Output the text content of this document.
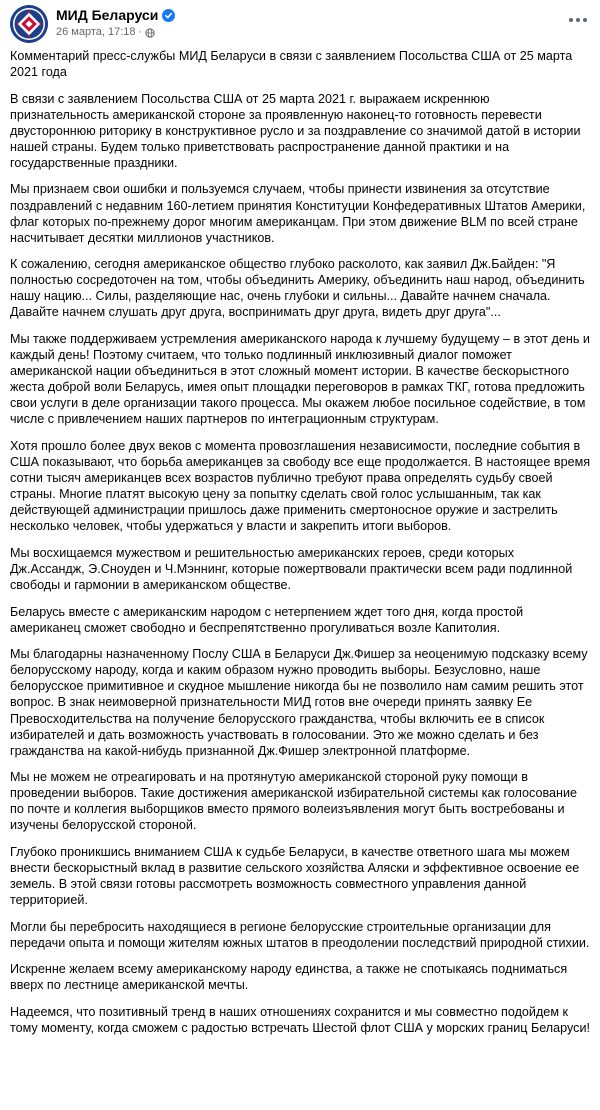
МИД Беларуси
26 марта, 17:18 ·

Комментарий пресс-службы МИД Беларуси в связи с заявлением Посольства США от 25 марта 2021 года

В связи с заявлением Посольства США от 25 марта 2021 г. выражаем искреннюю признательность американской стороне за проявленную наконец-то готовность перевести двустороннюю риторику в конструктивное русло и за поздравление со значимой датой в истории нашей страны. Будем только приветствовать распространение данной практики и на государственные праздники.

Мы признаем свои ошибки и пользуемся случаем, чтобы принести извинения за отсутствие поздравлений с недавним 160-летием принятия Конституции Конфедеративных Штатов Америки, флаг которых по-прежнему дорог многим американцам. При этом движение BLM по всей стране насчитывает десятки миллионов участников.

К сожалению, сегодня американское общество глубоко расколото, как заявил Дж.Байден: "Я полностью сосредоточен на том, чтобы объединить Америку, объединить наш народ, объединить нашу нацию... Силы, разделяющие нас, очень глубоки и сильны... Давайте начнем сначала. Давайте начнем слушать друг друга, воспринимать друг друга, видеть друг друга"...

Мы также поддерживаем устремления американского народа к лучшему будущему – в этот день и каждый день! Поэтому считаем, что только подлинный инклюзивный диалог поможет американской нации объединиться в этот сложный момент истории. В качестве бескорыстного жеста доброй воли Беларусь, имея опыт площадки переговоров в рамках ТКГ, готова предложить свои услуги в деле организации такого процесса. Мы окажем любое посильное содействие, в том числе с привлечением наших партнеров по интеграционным структурам.

Хотя прошло более двух веков с момента провозглашения независимости, последние события в США показывают, что борьба американцев за свободу все еще продолжается. В настоящее время сотни тысяч американцев всех возрастов публично требуют права определять судьбу своей страны. Многие платят высокую цену за попытку сделать свой голос услышанным, так как действующей администрации пришлось даже применить смертоносное оружие и застрелить несколько человек, чтобы удержаться у власти и закрепить итоги выборов.

Мы восхищаемся мужеством и решительностью американских героев, среди которых Дж.Ассандж, Э.Сноуден и Ч.Мэннинг, которые пожертвовали практически всем ради подлинной свободы и гармонии в американском обществе.

Беларусь вместе с американским народом с нетерпением ждет того дня, когда простой американец сможет свободно и беспрепятственно прогуливаться возле Капитолия.

Мы благодарны назначенному Послу США в Беларуси Дж.Фишер за неоценимую подсказку всему белорусскому народу, когда и каким образом нужно проводить выборы. Безусловно, наше белорусское примитивное и скудное мышление никогда бы не позволило нам самим решить этот вопрос. В знак неимоверной признательности МИД готов вне очереди принять заявку Ее Превосходительства на получение белорусского гражданства, чтобы включить ее в список избирателей и дать возможность участвовать в голосовании. Это же можно сделать и без гражданства на какой-нибудь признанной Дж.Фишер электронной платформе.

Мы не можем не отреагировать и на протянутую американской стороной руку помощи в проведении выборов. Такие достижения американской избирательной системы как голосование по почте и коллегия выборщиков вместо прямого волеизъявления могут быть востребованы и изучены белорусской стороной.

Глубоко проникшись вниманием США к судьбе Беларуси, в качестве ответного шага мы можем внести бескорыстный вклад в развитие сельского хозяйства Аляски и эффективное освоение ее земель. В этой связи готовы рассмотреть возможность совместного управления данной территорией.

Могли бы перебросить находящиеся в регионе белорусские строительные организации для передачи опыта и помощи жителям южных штатов в преодолении последствий природной стихии.

Искренне желаем всему американскому народу единства, а также не спотыкаясь подниматься вверх по лестнице американской мечты.

Надеемся, что позитивный тренд в наших отношениях сохранится и мы совместно подойдем к тому моменту, когда сможем с радостью встречать Шестой флот США у морских границ Беларуси!
